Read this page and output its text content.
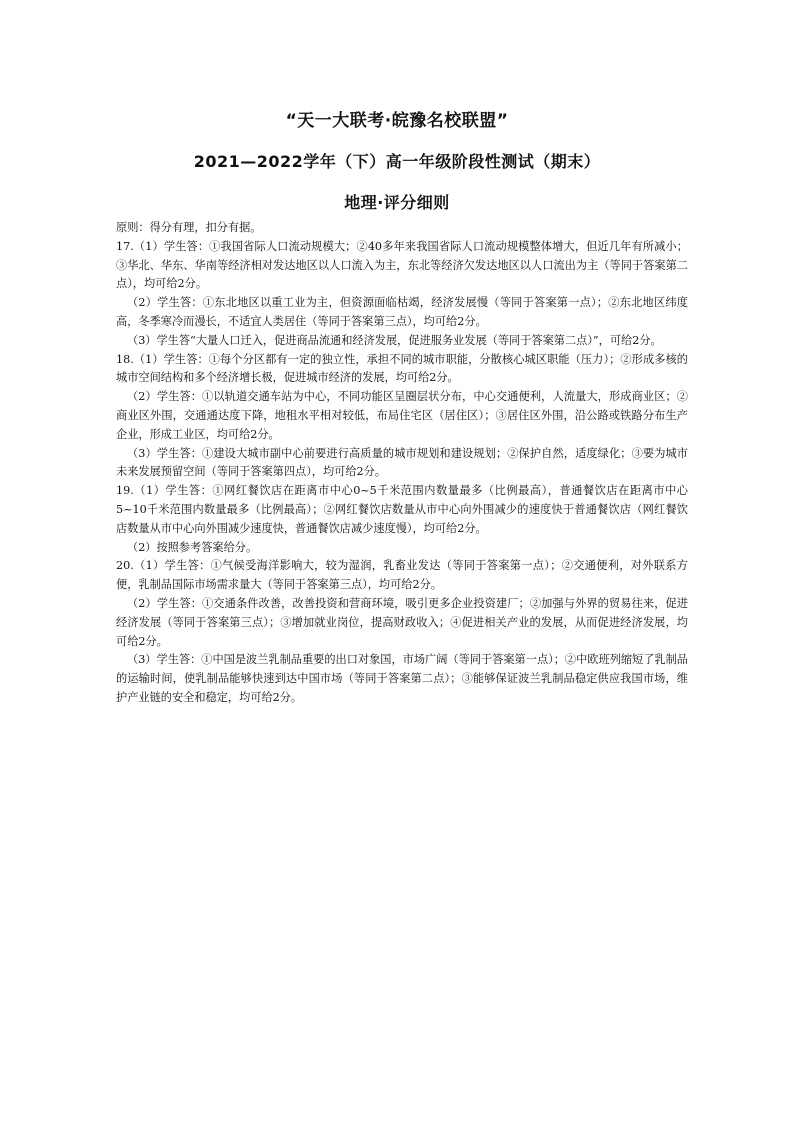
“天一大联考·皖豫名校联盟”
2021—2022学年（下）高一年级阶段性测试（期末）
地理·评分细则

原则：得分有理，扣分有据。

17.（1）学生答：①我国省际人口流动规模大；②40多年来我国省际人口流动规模整体增大，但近几年有所减小；③华北、华东、华南等经济相对发达地区以人口流入为主，东北等经济欠发达地区以人口流出为主（等同于答案第二点），均可给2分。

（2）学生答：①东北地区以重工业为主，但资源面临枯竭，经济发展慢（等同于答案第一点）；②东北地区纬度高，冬季寒冷而漫长，不适宜人类居住（等同于答案第三点），均可给2分。

（3）学生答“大量人口迁入，促进商品流通和经济发展，促进服务业发展（等同于答案第二点）”，可给2分。

18.（1）学生答：①每个分区都有一定的独立性，承担不同的城市职能，分散核心城区职能（压力）；②形成多核的城市空间结构和多个经济增长极，促进城市经济的发展，均可给2分。

（2）学生答：①以轨道交通车站为中心，不同功能区呈圈层状分布，中心交通便利，人流量大，形成商业区；②商业区外围，交通通达度下降，地租水平相对较低，布局住宅区（居住区）；③居住区外围，沿公路或铁路分布生产企业，形成工业区，均可给2分。

（3）学生答：①建设大城市副中心前要进行高质量的城市规划和建设规划；②保护自然，适度绿化；③要为城市未来发展预留空间（等同于答案第四点），均可给2分。

19.（1）学生答：①网红餐饮店在距离市中心0~5千米范围内数量最多（比例最高），普通餐饮店在距离市中心5~10千米范围内数量最多（比例最高）；②网红餐饮店数量从市中心向外围减少的速度快于普通餐饮店（网红餐饮店数量从市中心向外围减少速度快，普通餐饮店减少速度慢），均可给2分。

（2）按照参考答案给分。

20.（1）学生答：①气候受海洋影响大，较为湿润，乳畜业发达（等同于答案第一点）；②交通便利，对外联系方便，乳制品国际市场需求量大（等同于答案第三点），均可给2分。

（2）学生答：①交通条件改善，改善投资和营商环境，吸引更多企业投资建厂；②加强与外界的贸易往来，促进经济发展（等同于答案第三点）；③增加就业岗位，提高财政收入；④促进相关产业的发展，从而促进经济发展，均可给2分。

（3）学生答：①中国是波兰乳制品重要的出口对象国，市场广阔（等同于答案第一点）；②中欧班列缩短了乳制品的运输时间，使乳制品能够快速到达中国市场（等同于答案第二点）；③能够保证波兰乳制品稳定供应我国市场，维护产业链的安全和稳定，均可给2分。
